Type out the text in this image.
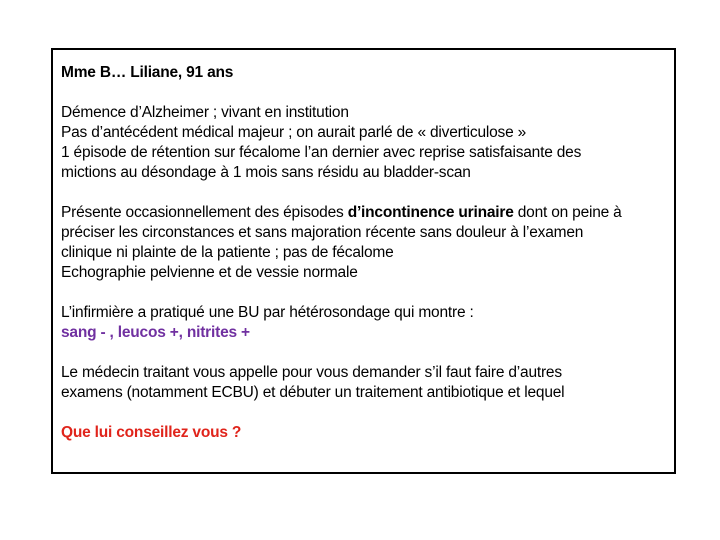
Mme B… Liliane, 91 ans
Démence d’Alzheimer ; vivant en institution
Pas d’antécédent médical majeur ; on aurait parlé de « diverticulose »
1 épisode de rétention sur fécalome l’an dernier avec reprise satisfaisante des
mictions au désondage à 1 mois sans résidu au bladder-scan
Présente occasionnellement des épisodes d’incontinence urinaire dont on peine à
préciser les circonstances et sans majoration récente sans douleur à l’examen
clinique ni plainte de la patiente ; pas de fécalome
Echographie pelvienne et de vessie normale
L’infirmière a pratiqué une BU par hétérosondage qui montre :
sang - , leucos +, nitrites +
Le médecin traitant vous appelle pour vous demander s’il faut faire d’autres
examens (notamment ECBU) et débuter un traitement antibiotique et lequel
Que lui conseillez vous ?
